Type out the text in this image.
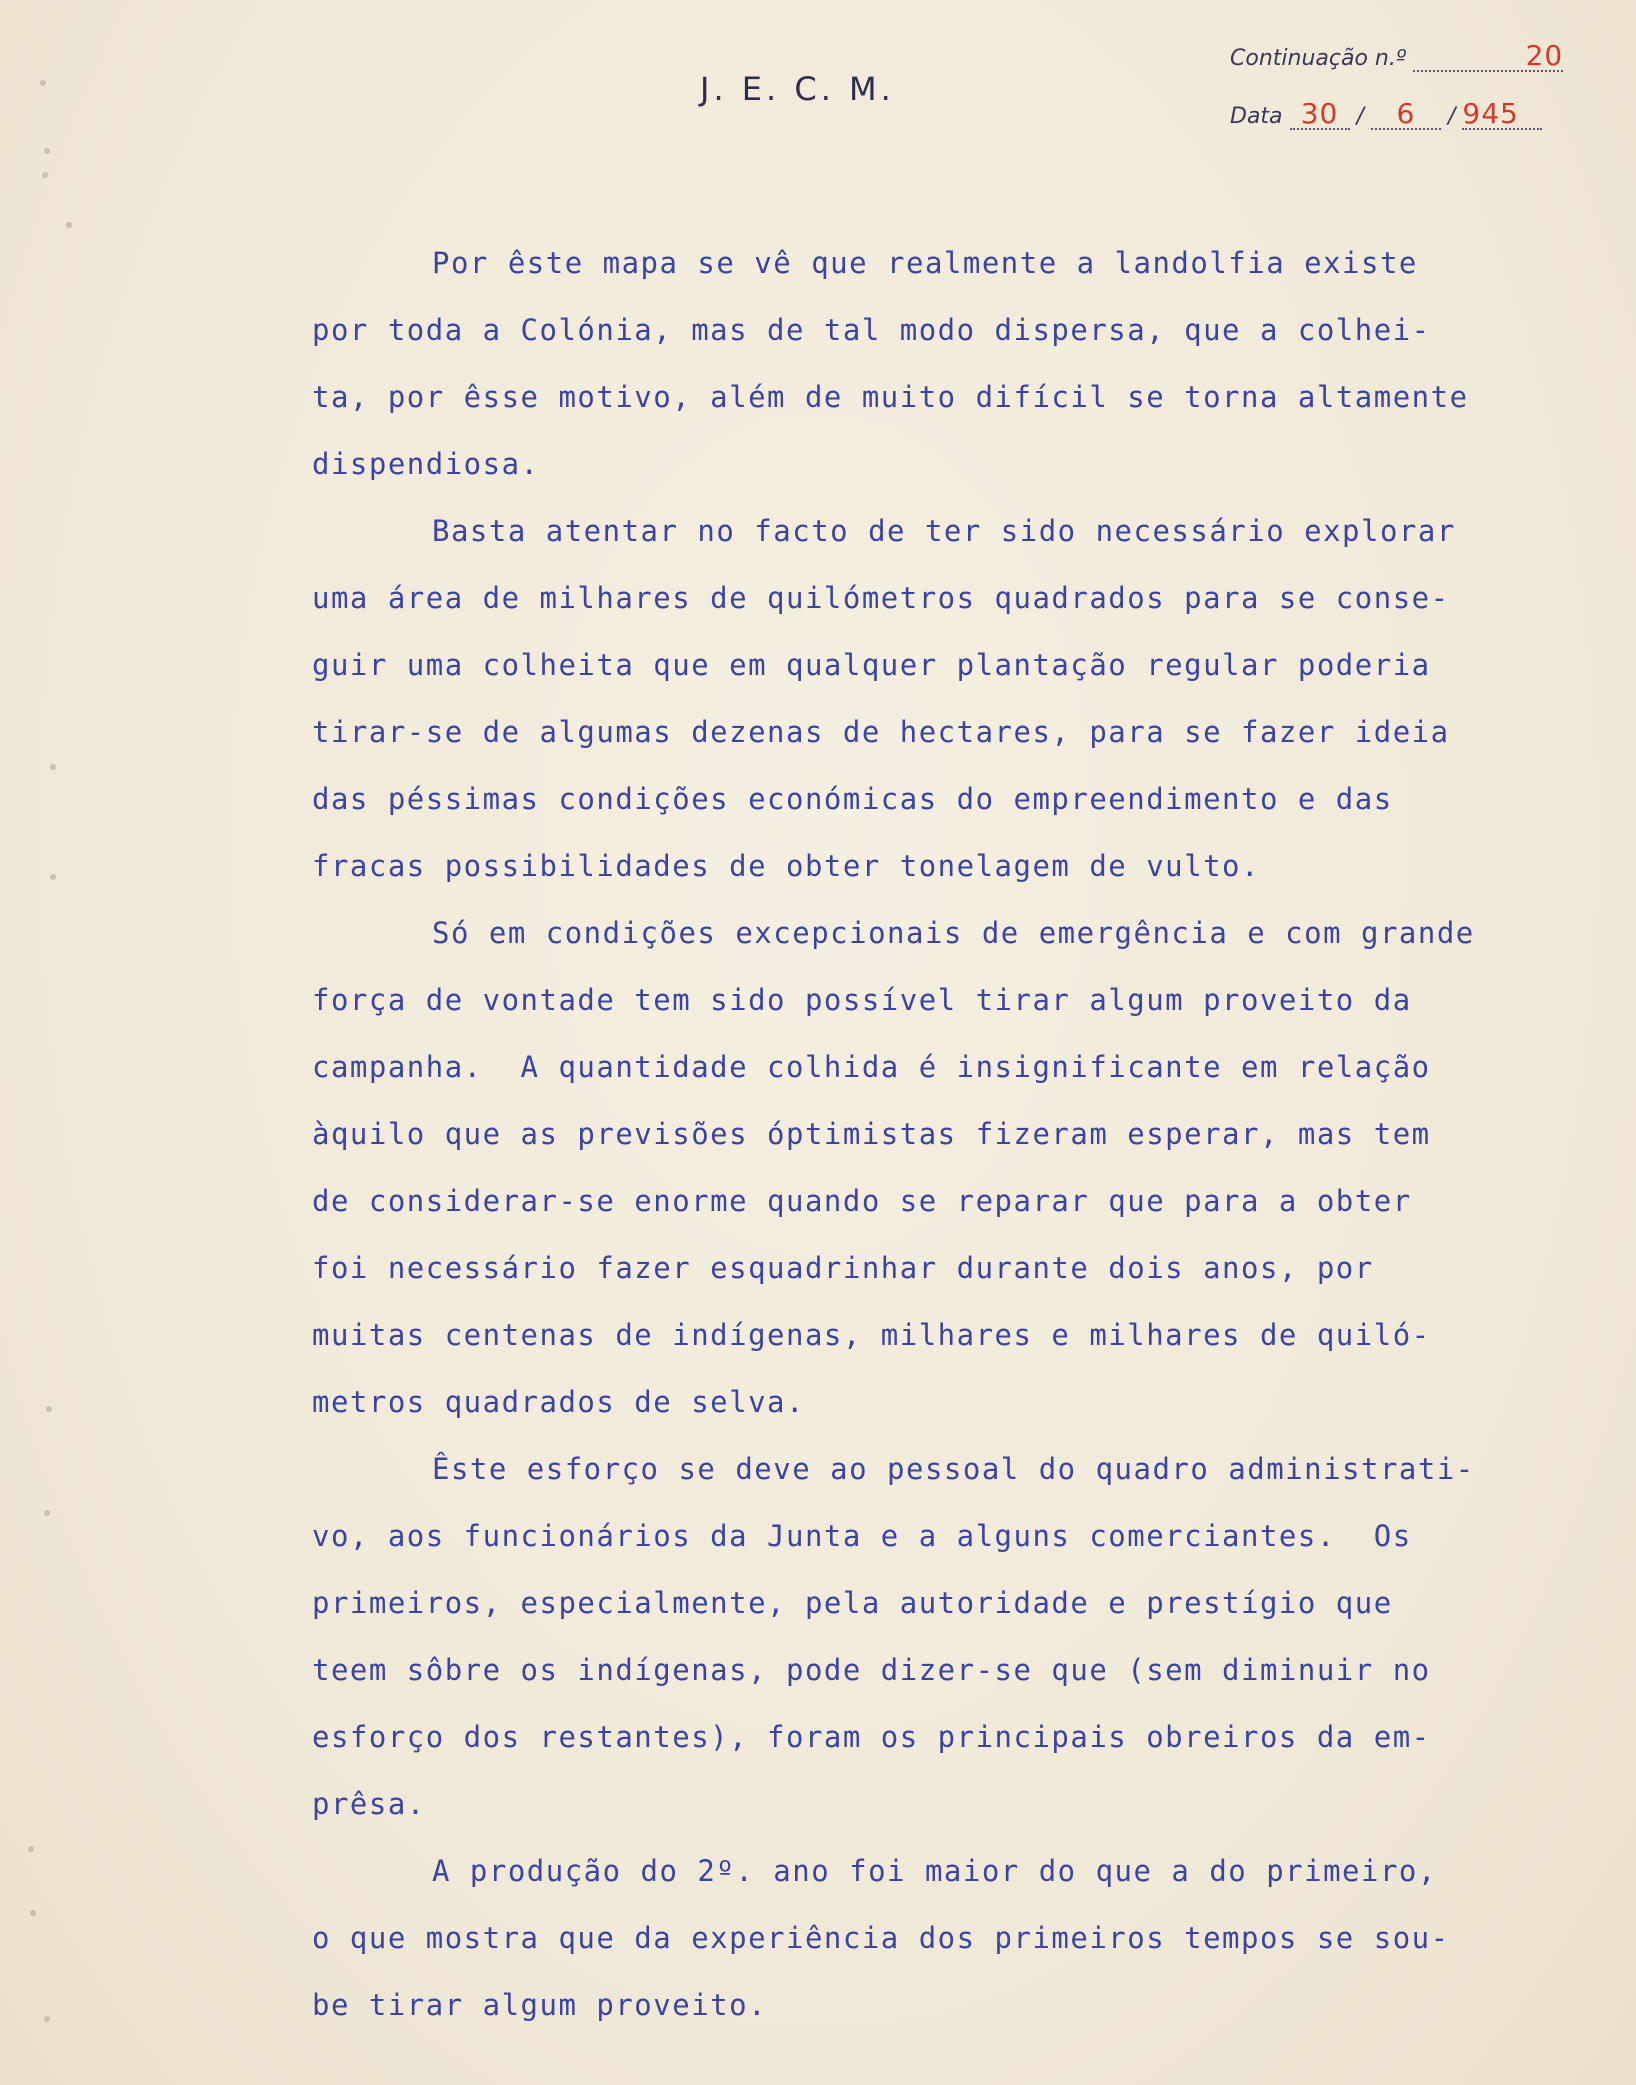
J. E. C. M.
Continuação n.º	20
Data 30 / 6 / 945
Por êste mapa se vê que realmente a landolfia existe
por toda a Colónia, mas de tal modo dispersa, que a colhei-
ta, por êsse motivo, além de muito difícil se torna altamente
dispendiosa.
Basta atentar no facto de ter sido necessário explorar
uma área de milhares de quilómetros quadrados para se conse-
guir uma colheita que em qualquer plantação regular poderia
tirar-se de algumas dezenas de hectares, para se fazer ideia
das péssimas condições económicas do empreendimento e das
fracas possibilidades de obter tonelagem de vulto.
Só em condições excepcionais de emergência e com grande
força de vontade tem sido possível tirar algum proveito da
campanha.  A quantidade colhida é insignificante em relação
àquilo que as previsões óptimistas fizeram esperar, mas tem
de considerar-se enorme quando se reparar que para a obter
foi necessário fazer esquadrinhar durante dois anos, por
muitas centenas de indígenas, milhares e milhares de quiló-
metros quadrados de selva.
Êste esforço se deve ao pessoal do quadro administrati-
vo, aos funcionários da Junta e a alguns comerciantes.  Os
primeiros, especialmente, pela autoridade e prestígio que
teem sôbre os indígenas, pode dizer-se que (sem diminuir no
esforço dos restantes), foram os principais obreiros da em-
prêsa.
A produção do 2º. ano foi maior do que a do primeiro,
o que mostra que da experiência dos primeiros tempos se sou-
be tirar algum proveito.
